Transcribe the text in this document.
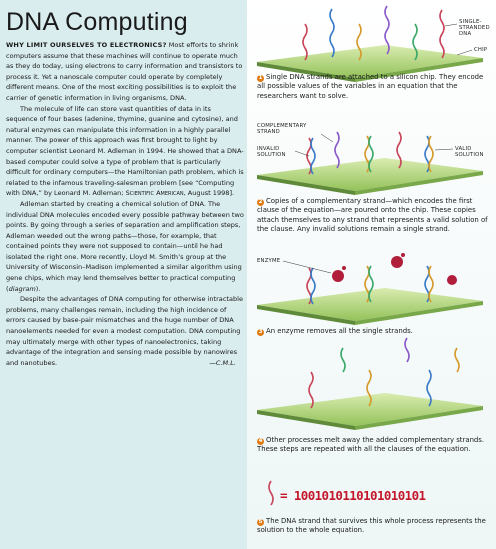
DNA Computing

WHY LIMIT OURSELVES TO ELECTRONICS? Most efforts to shrink computers assume that these machines will continue to operate much as they do today, using electrons to carry information and transistors to process it. Yet a nanoscale computer could operate by completely different means. One of the most exciting possibilities is to exploit the carrier of genetic information in living organisms, DNA.

The molecule of life can store vast quantities of data in its sequence of four bases (adenine, thymine, guanine and cytosine), and natural enzymes can manipulate this information in a highly parallel manner. The power of this approach was first brought to light by computer scientist Leonard M. Adleman in 1994. He showed that a DNA-based computer could solve a type of problem that is particularly difficult for ordinary computers—the Hamiltonian path problem, which is related to the infamous traveling-salesman problem [see “Computing with DNA,” by Leonard M. Adleman; Scientific American, August 1998].

Adleman started by creating a chemical solution of DNA. The individual DNA molecules encoded every possible pathway between two points. By going through a series of separation and amplification steps, Adleman weeded out the wrong paths—those, for example, that contained points they were not supposed to contain—until he had isolated the right one. More recently, Lloyd M. Smith’s group at the University of Wisconsin–Madison implemented a similar algorithm using gene chips, which may lend themselves better to practical computing (diagram).

Despite the advantages of DNA computing for otherwise intractable problems, many challenges remain, including the high incidence of errors caused by base-pair mismatches and the huge number of DNA nanoelements needed for even a modest computation. DNA computing may ultimately merge with other types of nanoelectronics, taking advantage of the integration and sensing made possible by nanowires and nanotubes.	—C.M.L.

SINGLE-
STRANDED
DNA
CHIP
1 Single DNA strands are attached to a silicon chip. They encode all possible values of the variables in an equation that the researchers want to solve.
COMPLEMENTARY
STRAND
INVALID
SOLUTION
VALID
SOLUTION
2 Copies of a complementary strand—which encodes the first clause of the equation—are poured onto the chip. These copies attach themselves to any strand that represents a valid solution of the clause. Any invalid solutions remain a single strand.
ENZYME
3 An enzyme removes all the single strands.
4 Other processes melt away the added complementary strands. These steps are repeated with all the clauses of the equation.
= 1001010110101010101
5 The DNA strand that survives this whole process represents the solution to the whole equation.
